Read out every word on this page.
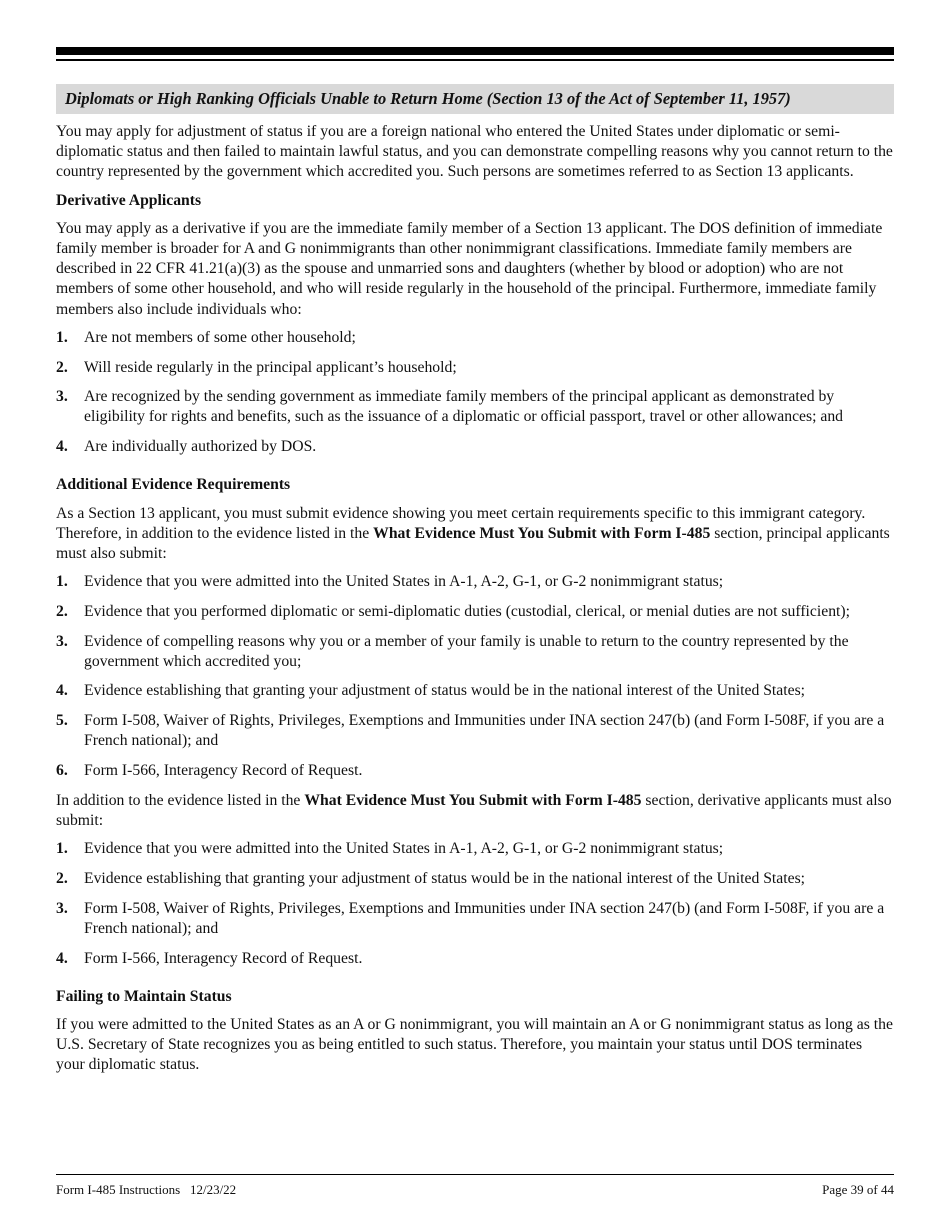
Diplomats or High Ranking Officials Unable to Return Home (Section 13 of the Act of September 11, 1957)

You may apply for adjustment of status if you are a foreign national who entered the United States under diplomatic or semi-diplomatic status and then failed to maintain lawful status, and you can demonstrate compelling reasons why you cannot return to the country represented by the government which accredited you. Such persons are sometimes referred to as Section 13 applicants.

Derivative Applicants

You may apply as a derivative if you are the immediate family member of a Section 13 applicant. The DOS definition of immediate family member is broader for A and G nonimmigrants than other nonimmigrant classifications. Immediate family members are described in 22 CFR 41.21(a)(3) as the spouse and unmarried sons and daughters (whether by blood or adoption) who are not members of some other household, and who will reside regularly in the household of the principal. Furthermore, immediate family members also include individuals who:

1.	Are not members of some other household;
2.	Will reside regularly in the principal applicant’s household;
3.	Are recognized by the sending government as immediate family members of the principal applicant as demonstrated by eligibility for rights and benefits, such as the issuance of a diplomatic or official passport, travel or other allowances; and
4.	Are individually authorized by DOS.

Additional Evidence Requirements

As a Section 13 applicant, you must submit evidence showing you meet certain requirements specific to this immigrant category. Therefore, in addition to the evidence listed in the What Evidence Must You Submit with Form I-485 section, principal applicants must also submit:

1.	Evidence that you were admitted into the United States in A-1, A-2, G-1, or G-2 nonimmigrant status;
2.	Evidence that you performed diplomatic or semi-diplomatic duties (custodial, clerical, or menial duties are not sufficient);
3.	Evidence of compelling reasons why you or a member of your family is unable to return to the country represented by the government which accredited you;
4.	Evidence establishing that granting your adjustment of status would be in the national interest of the United States;
5.	Form I-508, Waiver of Rights, Privileges, Exemptions and Immunities under INA section 247(b) (and Form I-508F, if you are a French national); and
6.	Form I-566, Interagency Record of Request.

In addition to the evidence listed in the What Evidence Must You Submit with Form I-485 section, derivative applicants must also submit:

1.	Evidence that you were admitted into the United States in A-1, A-2, G-1, or G-2 nonimmigrant status;
2.	Evidence establishing that granting your adjustment of status would be in the national interest of the United States;
3.	Form I-508, Waiver of Rights, Privileges, Exemptions and Immunities under INA section 247(b) (and Form I-508F, if you are a French national); and
4.	Form I-566, Interagency Record of Request.

Failing to Maintain Status

If you were admitted to the United States as an A or G nonimmigrant, you will maintain an A or G nonimmigrant status as long as the U.S. Secretary of State recognizes you as being entitled to such status. Therefore, you maintain your status until DOS terminates your diplomatic status.

Form I-485 Instructions   12/23/22	Page 39 of 44
